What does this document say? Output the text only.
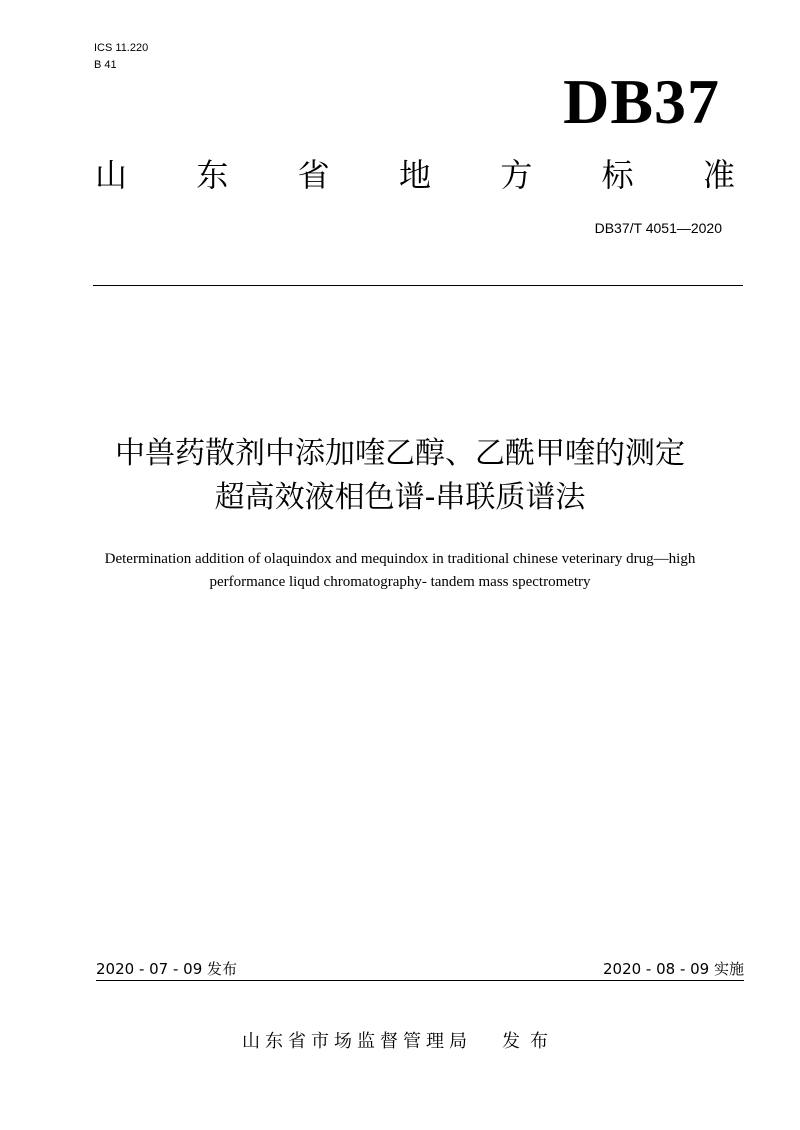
ICS 11.220
B 41
DB37
山 东 省 地 方 标 准
DB37/T 4051—2020
中兽药散剂中添加喹乙醇、乙酰甲喹的测定
超高效液相色谱-串联质谱法
Determination addition of olaquindox and mequindox in traditional chinese veterinary drug—high performance liqud chromatography- tandem mass spectrometry
2020 - 07 - 09 发布	2020 - 08 - 09 实施
山东省市场监督管理局 发布
